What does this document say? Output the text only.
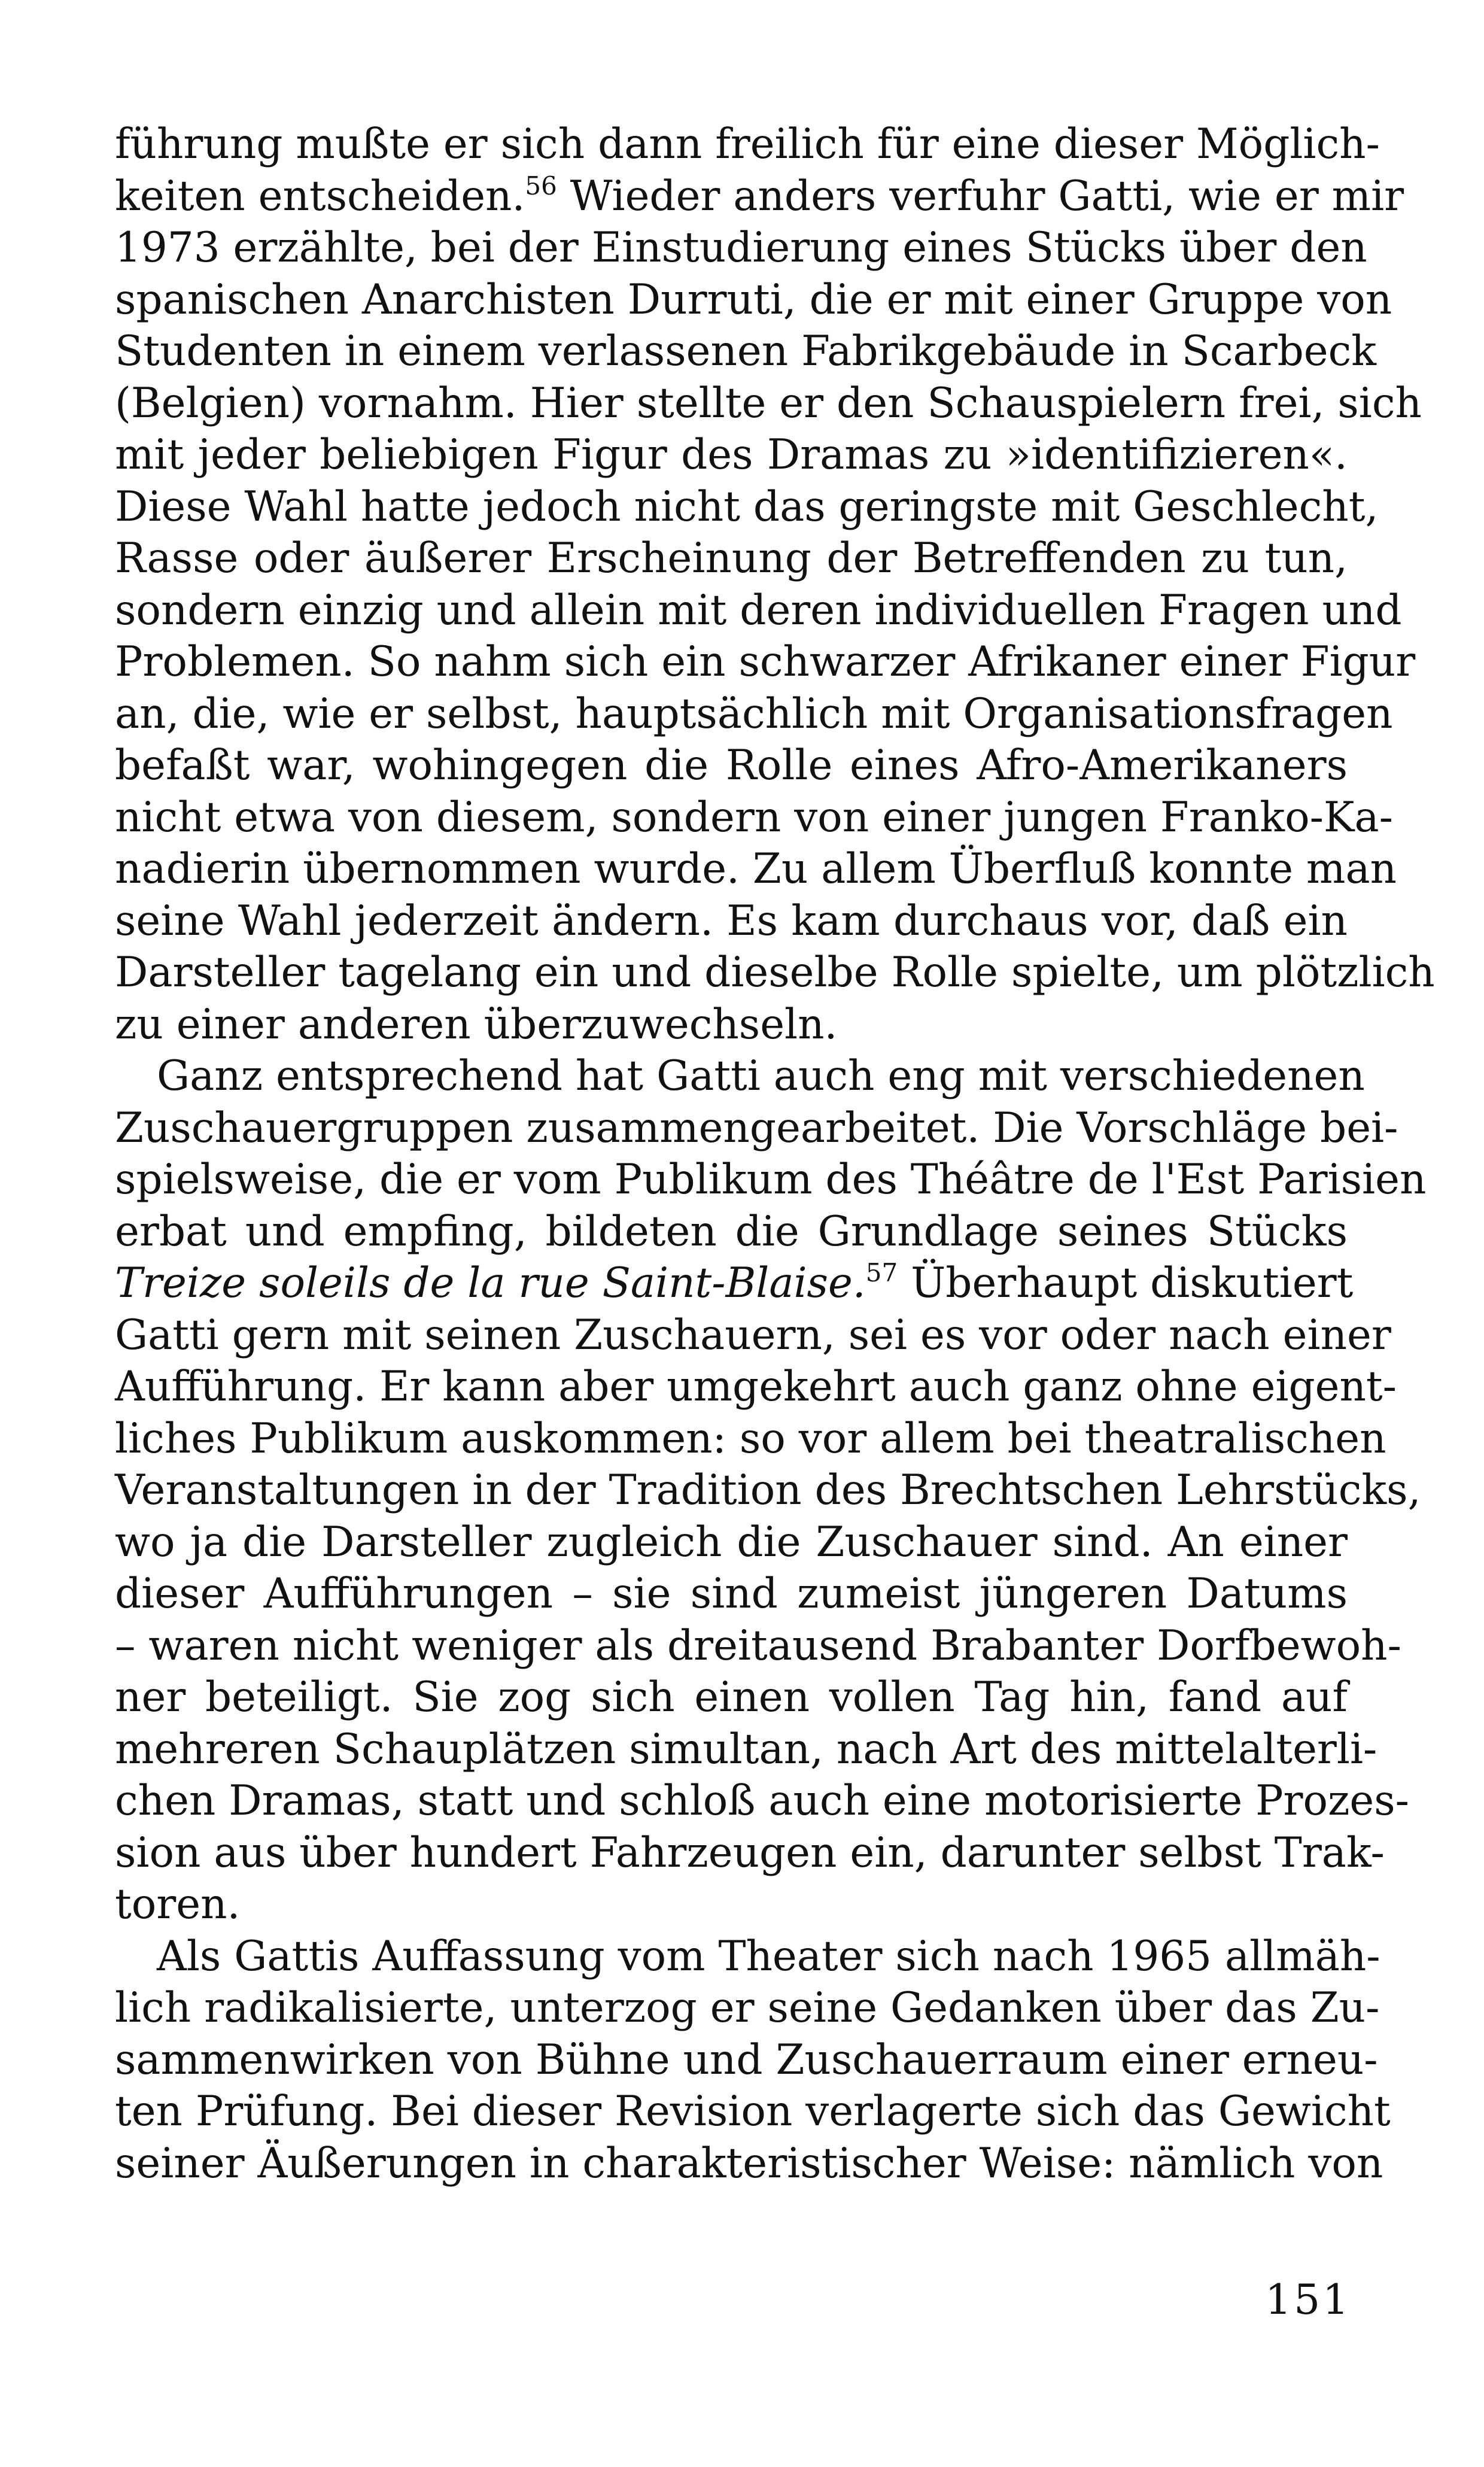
führung mußte er sich dann freilich für eine dieser Möglich-
keiten entscheiden.$^{56}$ Wieder anders verfuhr Gatti, wie er mir
1973 erzählte, bei der Einstudierung eines Stücks über den
spanischen Anarchisten Durruti, die er mit einer Gruppe von
Studenten in einem verlassenen Fabrikgebäude in Scarbeck
(Belgien) vornahm. Hier stellte er den Schauspielern frei, sich
mit jeder beliebigen Figur des Dramas zu »identifizieren«.
Diese Wahl hatte jedoch nicht das geringste mit Geschlecht,
Rasse oder äußerer Erscheinung der Betreffenden zu tun,
sondern einzig und allein mit deren individuellen Fragen und
Problemen. So nahm sich ein schwarzer Afrikaner einer Figur
an, die, wie er selbst, hauptsächlich mit Organisationsfragen
befaßt war, wohingegen die Rolle eines Afro-Amerikaners
nicht etwa von diesem, sondern von einer jungen Franko-Ka-
nadierin übernommen wurde. Zu allem Überfluß konnte man
seine Wahl jederzeit ändern. Es kam durchaus vor, daß ein
Darsteller tagelang ein und dieselbe Rolle spielte, um plötzlich
zu einer anderen überzuwechseln.
Ganz entsprechend hat Gatti auch eng mit verschiedenen
Zuschauergruppen zusammengearbeitet. Die Vorschläge bei-
spielsweise, die er vom Publikum des Théâtre de l'Est Parisien
erbat und empfing, bildeten die Grundlage seines Stücks
Treize soleils de la rue Saint-Blaise.$^{57}$ Überhaupt diskutiert
Gatti gern mit seinen Zuschauern, sei es vor oder nach einer
Aufführung. Er kann aber umgekehrt auch ganz ohne eigent-
liches Publikum auskommen: so vor allem bei theatralischen
Veranstaltungen in der Tradition des Brechtschen Lehrstücks,
wo ja die Darsteller zugleich die Zuschauer sind. An einer
dieser Aufführungen – sie sind zumeist jüngeren Datums
– waren nicht weniger als dreitausend Brabanter Dorfbewoh-
ner beteiligt. Sie zog sich einen vollen Tag hin, fand auf
mehreren Schauplätzen simultan, nach Art des mittelalterli-
chen Dramas, statt und schloß auch eine motorisierte Prozes-
sion aus über hundert Fahrzeugen ein, darunter selbst Trak-
toren.
Als Gattis Auffassung vom Theater sich nach 1965 allmäh-
lich radikalisierte, unterzog er seine Gedanken über das Zu-
sammenwirken von Bühne und Zuschauerraum einer erneu-
ten Prüfung. Bei dieser Revision verlagerte sich das Gewicht
seiner Äußerungen in charakteristischer Weise: nämlich von
151
